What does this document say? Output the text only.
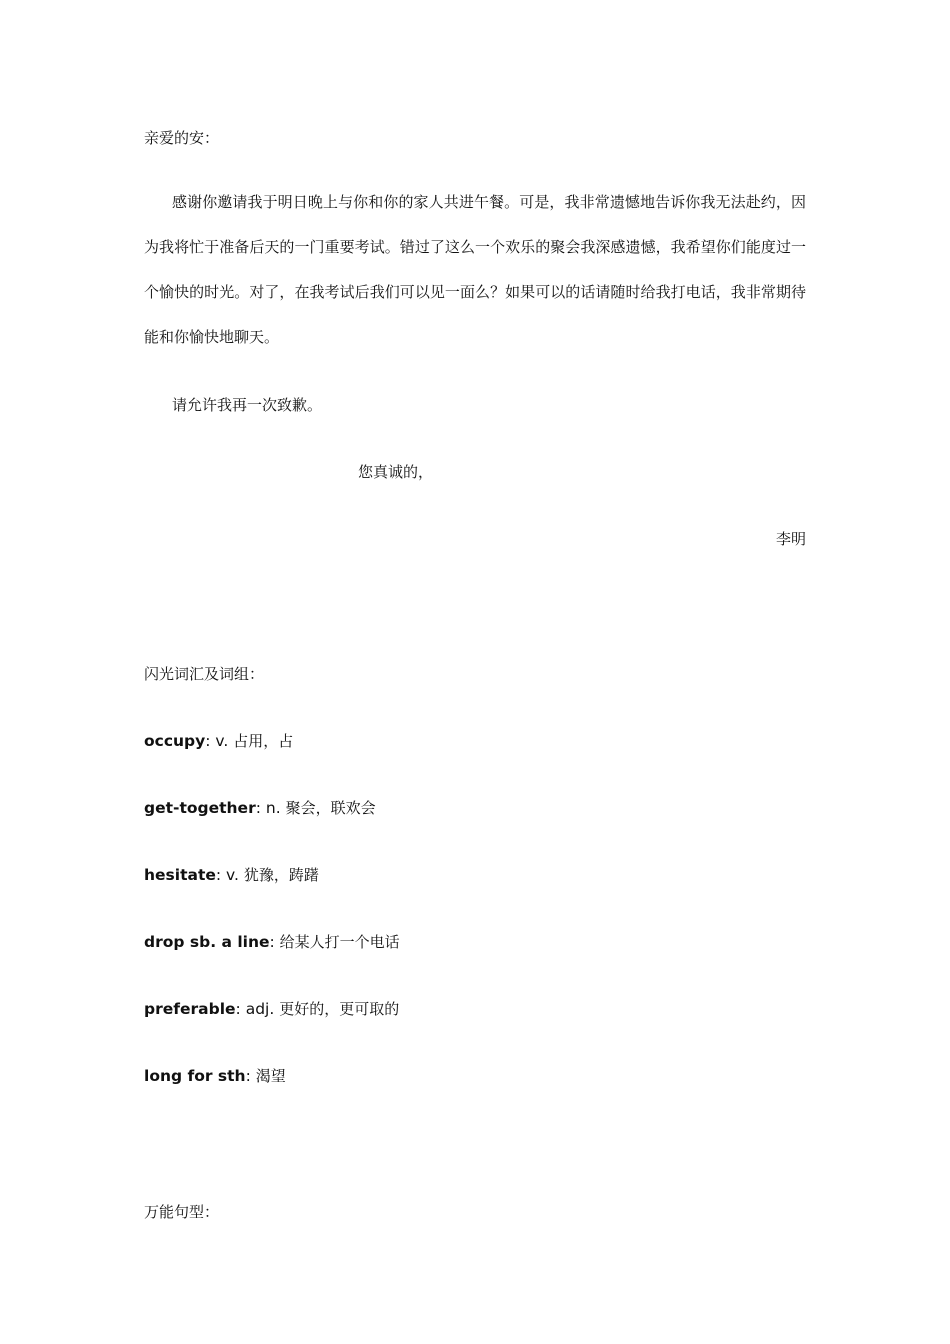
亲爱的安：
感谢你邀请我于明日晚上与你和你的家人共进午餐。可是，我非常遗憾地告诉你我无法赴约，因为我将忙于准备后天的一门重要考试。错过了这么一个欢乐的聚会我深感遗憾，我希望你们能度过一个愉快的时光。对了，在我考试后我们可以见一面么？如果可以的话请随时给我打电话，我非常期待能和你愉快地聊天。
请允许我再一次致歉。
您真诚的，
李明
闪光词汇及词组：
occupy: v. 占用，占
get-together: n. 聚会，联欢会
hesitate: v. 犹豫，踌躇
drop sb. a line: 给某人打一个电话
preferable: adj. 更好的，更可取的
long for sth: 渴望
万能句型：
